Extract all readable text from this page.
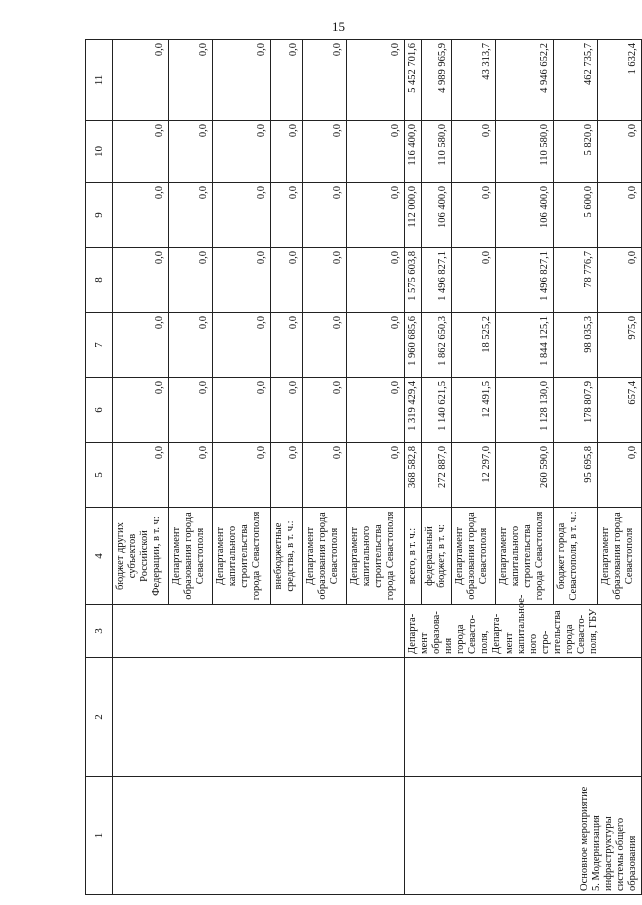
15
1	2	3	4	5	6	7	8	9	10	11
			бюджет других субъектов Российской Федерации, в т. ч:	0,0	0,0	0,0	0,0	0,0	0,0	0,0
			Департамент образования города Севастополя	0,0	0,0	0,0	0,0	0,0	0,0	0,0
			Департамент капитального строительства города Севастополя	0,0	0,0	0,0	0,0	0,0	0,0	0,0
			внебюджетные средства, в т. ч.:	0,0	0,0	0,0	0,0	0,0	0,0	0,0
			Департамент образования города Севастополя	0,0	0,0	0,0	0,0	0,0	0,0	0,0
			Департамент капитального строительства города Севастополя	0,0	0,0	0,0	0,0	0,0	0,0	0,0
Основное мероприятие 5. Модернизация инфраструктуры системы общего образования		Департа-мент образова-ния города Севасто-поля, Департа-мент капитальное-ного стро-ительства города Севасто-поля, ГБУ	всего, в т. ч.:	368 582,8	1 319 429,4	1 960 685,6	1 575 603,8	112 000,0	116 400,0	5 452 701,6
			федеральный бюджет, в т. ч:	272 887,0	1 140 621,5	1 862 650,3	1 496 827,1	106 400,0	110 580,0	4 989 965,9
			Департамент образования города Севастополя	12 297,0	12 491,5	18 525,2	0,0	0,0	0,0	43 313,7
			Департамент капитального строительства города Севастополя	260 590,0	1 128 130,0	1 844 125,1	1 496 827,1	106 400,0	110 580,0	4 946 652,2
			бюджет города Севастополя, в т. ч.:	95 695,8	178 807,9	98 035,3	78 776,7	5 600,0	5 820,0	462 735,7
			Департамент образования города Севастополя	0,0	657,4	975,0	0,0	0,0	0,0	1 632,4
